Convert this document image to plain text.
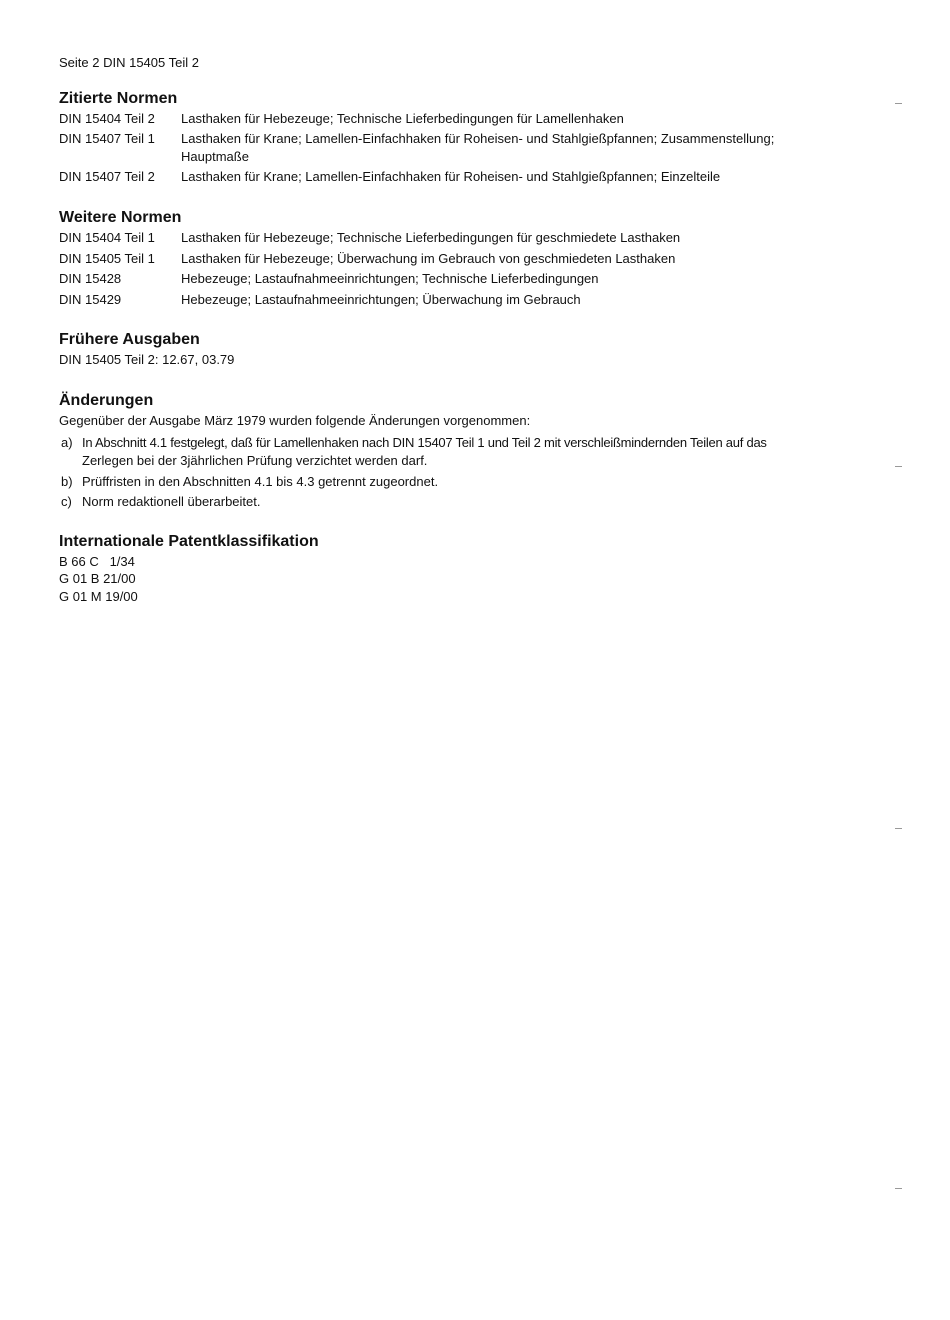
Seite 2 DIN 15405 Teil 2
Zitierte Normen
DIN 15404 Teil 2 Lasthaken für Hebezeuge; Technische Lieferbedingungen für Lamellenhaken
DIN 15407 Teil 1 Lasthaken für Krane; Lamellen-Einfachhaken für Roheisen- und Stahlgießpfannen; Zusammenstellung;
Hauptmaße
DIN 15407 Teil 2 Lasthaken für Krane; Lamellen-Einfachhaken für Roheisen- und Stahlgießpfannen; Einzelteile
Weitere Normen
DIN 15404 Teil 1 Lasthaken für Hebezeuge; Technische Lieferbedingungen für geschmiedete Lasthaken
DIN 15405 Teil 1 Lasthaken für Hebezeuge; Überwachung im Gebrauch von geschmiedeten Lasthaken
DIN 15428	Hebezeuge; Lastaufnahmeeinrichtungen; Technische Lieferbedingungen
DIN 15429	Hebezeuge; Lastaufnahmeeinrichtungen; Überwachung im Gebrauch
Frühere Ausgaben
DIN 15405 Teil 2: 12.67, 03.79
Änderungen
Gegenüber der Ausgabe März 1979 wurden folgende Änderungen vorgenommen:
a) In Abschnitt 4.1 festgelegt, daß für Lamellenhaken nach DIN 15407 Teil 1 und Teil 2 mit verschleißmindernden Teilen auf das
Zerlegen bei der 3jährlichen Prüfung verzichtet werden darf.
b) Prüffristen in den Abschnitten 4.1 bis 4.3 getrennt zugeordnet.
c) Norm redaktionell überarbeitet.
Internationale Patentklassifikation
B 66 C   1/34
G 01 B 21/00
G 01 M 19/00
